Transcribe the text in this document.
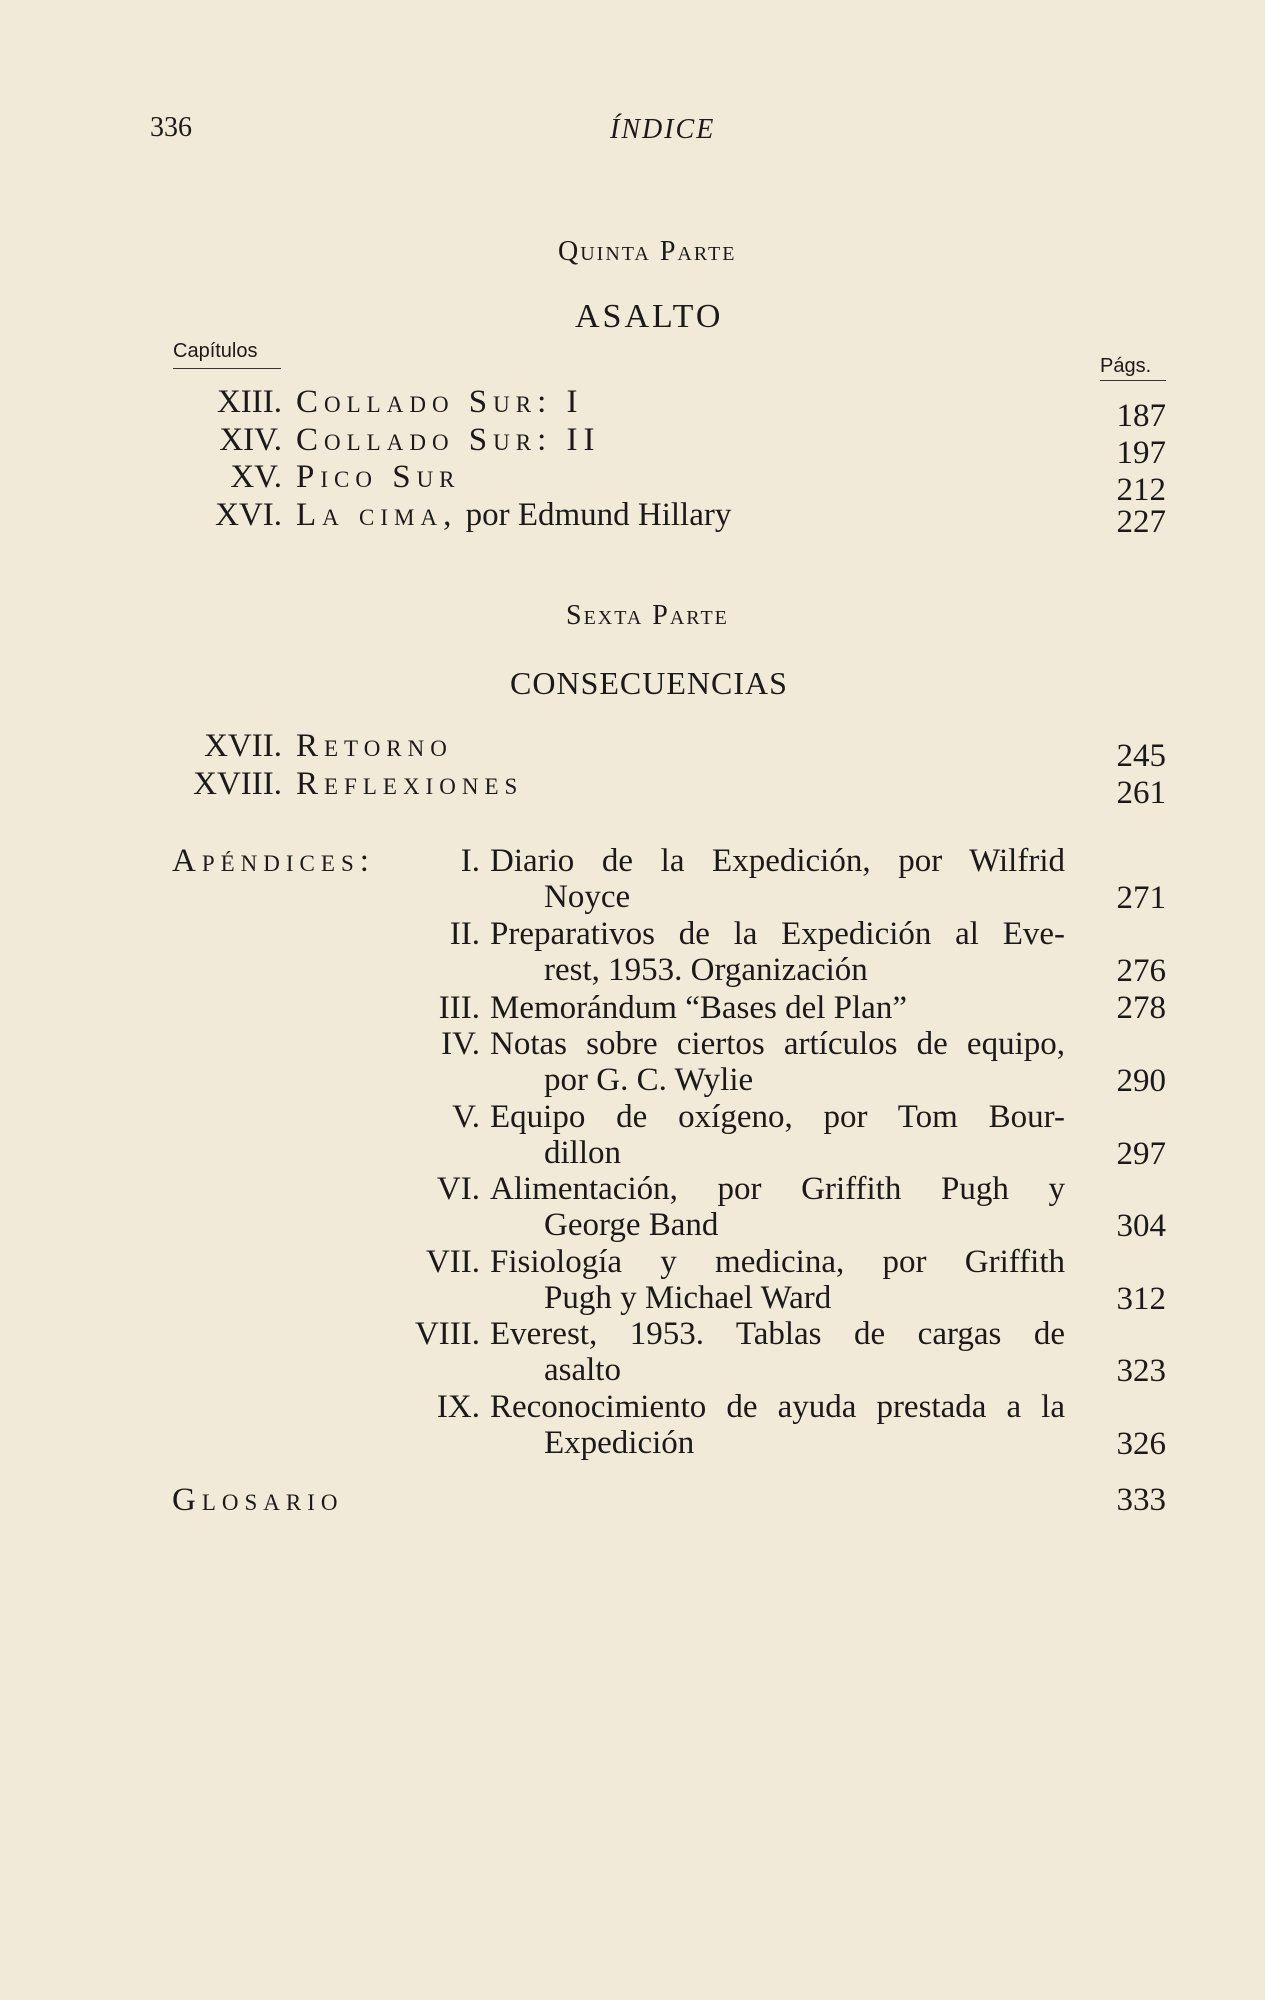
336	ÍNDICE
Quinta Parte
ASALTO
Capítulos
Págs.
XIII. Collado Sur: I	187
XIV. Collado Sur: II	197
XV. Pico Sur	212
XVI. La cima, por Edmund Hillary	227
Sexta Parte
CONSECUENCIAS
XVII. Retorno	245
XVIII. Reflexiones	261
Apéndices:	I. Diario de la Expedición, por Wilfrid
Noyce	271
II. Preparativos de la Expedición al Eve-
rest, 1953. Organización	276
III. Memorándum “Bases del Plan”	278
IV. Notas sobre ciertos artículos de equipo,
por G. C. Wylie	290
V. Equipo de oxígeno, por Tom Bour-
dillon	297
VI. Alimentación, por Griffith Pugh y
George Band	304
VII. Fisiología y medicina, por Griffith
Pugh y Michael Ward	312
VIII. Everest, 1953. Tablas de cargas de
asalto	323
IX. Reconocimiento de ayuda prestada a la
Expedición	326
Glosario	333
